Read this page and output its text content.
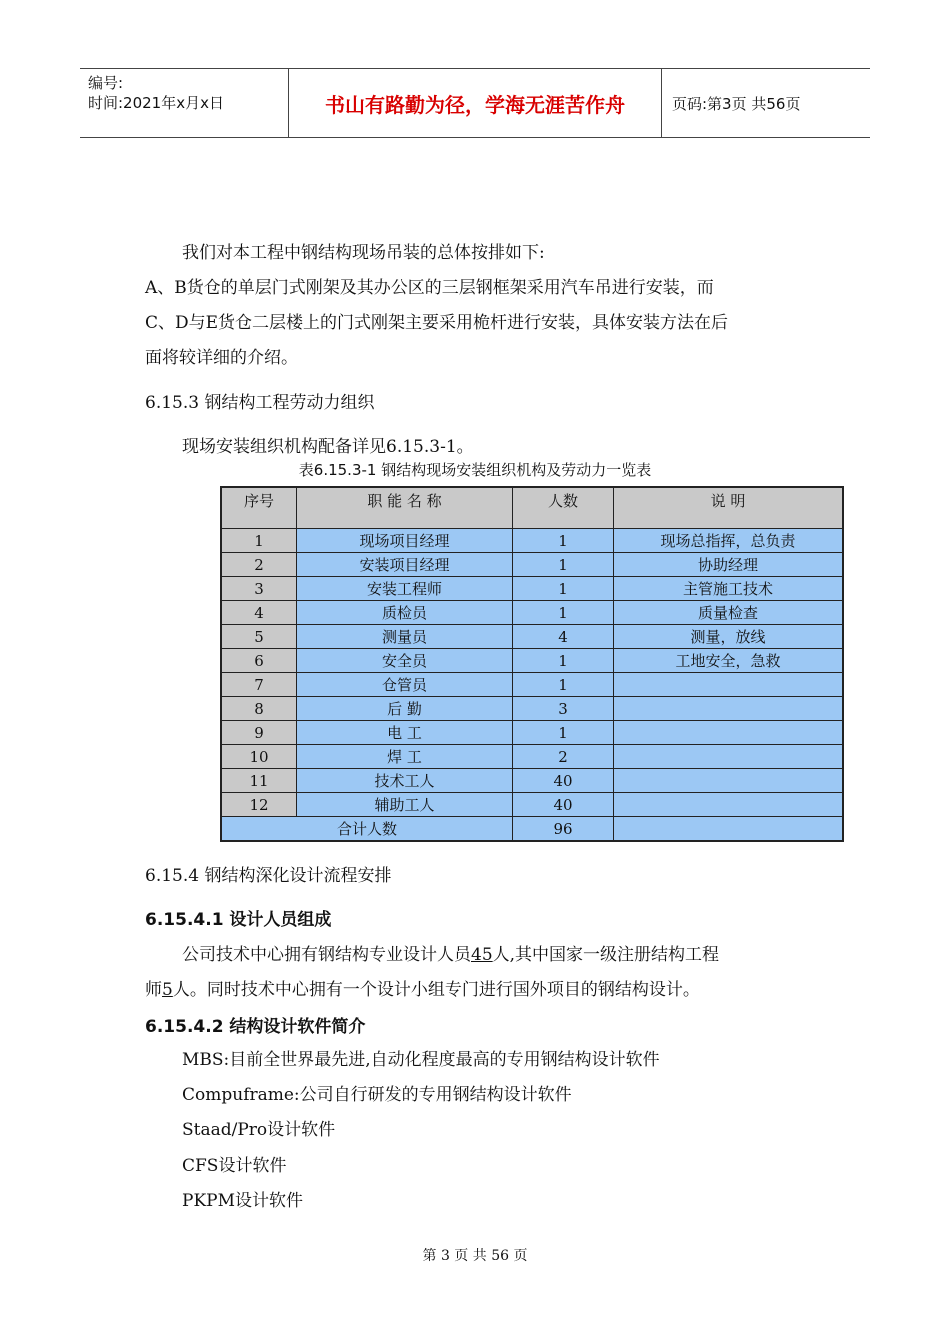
编号:
时间:2021年x月x日	书山有路勤为径，学海无涯苦作舟	页码:第3页 共56页
我们对本工程中钢结构现场吊装的总体按排如下:
A、B货仓的单层门式刚架及其办公区的三层钢框架采用汽车吊进行安装，而
C、D与E货仓二层楼上的门式刚架主要采用桅杆进行安装，具体安装方法在后
面将较详细的介绍。
6.15.3 钢结构工程劳动力组织
现场安装组织机构配备详见6.15.3-1。
表6.15.3-1 钢结构现场安装组织机构及劳动力一览表
序号	职 能 名 称	人数	说 明
1	现场项目经理	1	现场总指挥，总负责
2	安装项目经理	1	协助经理
3	安装工程师	1	主管施工技术
4	质检员	1	质量检查
5	测量员	4	测量，放线
6	安全员	1	工地安全，急救
7	仓管员	1	
8	后 勤	3	
9	电 工	1	
10	焊 工	2	
11	技术工人	40	
12	辅助工人	40	
合计人数		96	
6.15.4 钢结构深化设计流程安排
6.15.4.1 设计人员组成
公司技术中心拥有钢结构专业设计人员45人,其中国家一级注册结构工程
师5人。同时技术中心拥有一个设计小组专门进行国外项目的钢结构设计。
6.15.4.2 结构设计软件简介
MBS:目前全世界最先进,自动化程度最高的专用钢结构设计软件
Compuframe:公司自行研发的专用钢结构设计软件
Staad/Pro设计软件
CFS设计软件
PKPM设计软件
第 3 页 共 56 页
